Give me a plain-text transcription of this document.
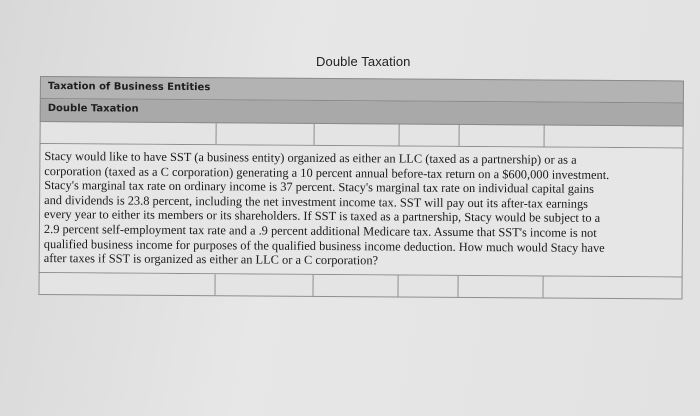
Double Taxation
Taxation of Business Entities
Double Taxation

Stacy would like to have SST (a business entity) organized as either an LLC (taxed as a partnership) or as a

corporation (taxed as a C corporation) generating a 10 percent annual before-tax return on a $600,000 investment.

Stacy's marginal tax rate on ordinary income is 37 percent. Stacy's marginal tax rate on individual capital gains

and dividends is 23.8 percent, including the net investment income tax. SST will pay out its after-tax earnings

every year to either its members or its shareholders. If SST is taxed as a partnership, Stacy would be subject to a

2.9 percent self-employment tax rate and a .9 percent additional Medicare tax. Assume that SST's income is not

qualified business income for purposes of the qualified business income deduction. How much would Stacy have

after taxes if SST is organized as either an LLC or a C corporation?
